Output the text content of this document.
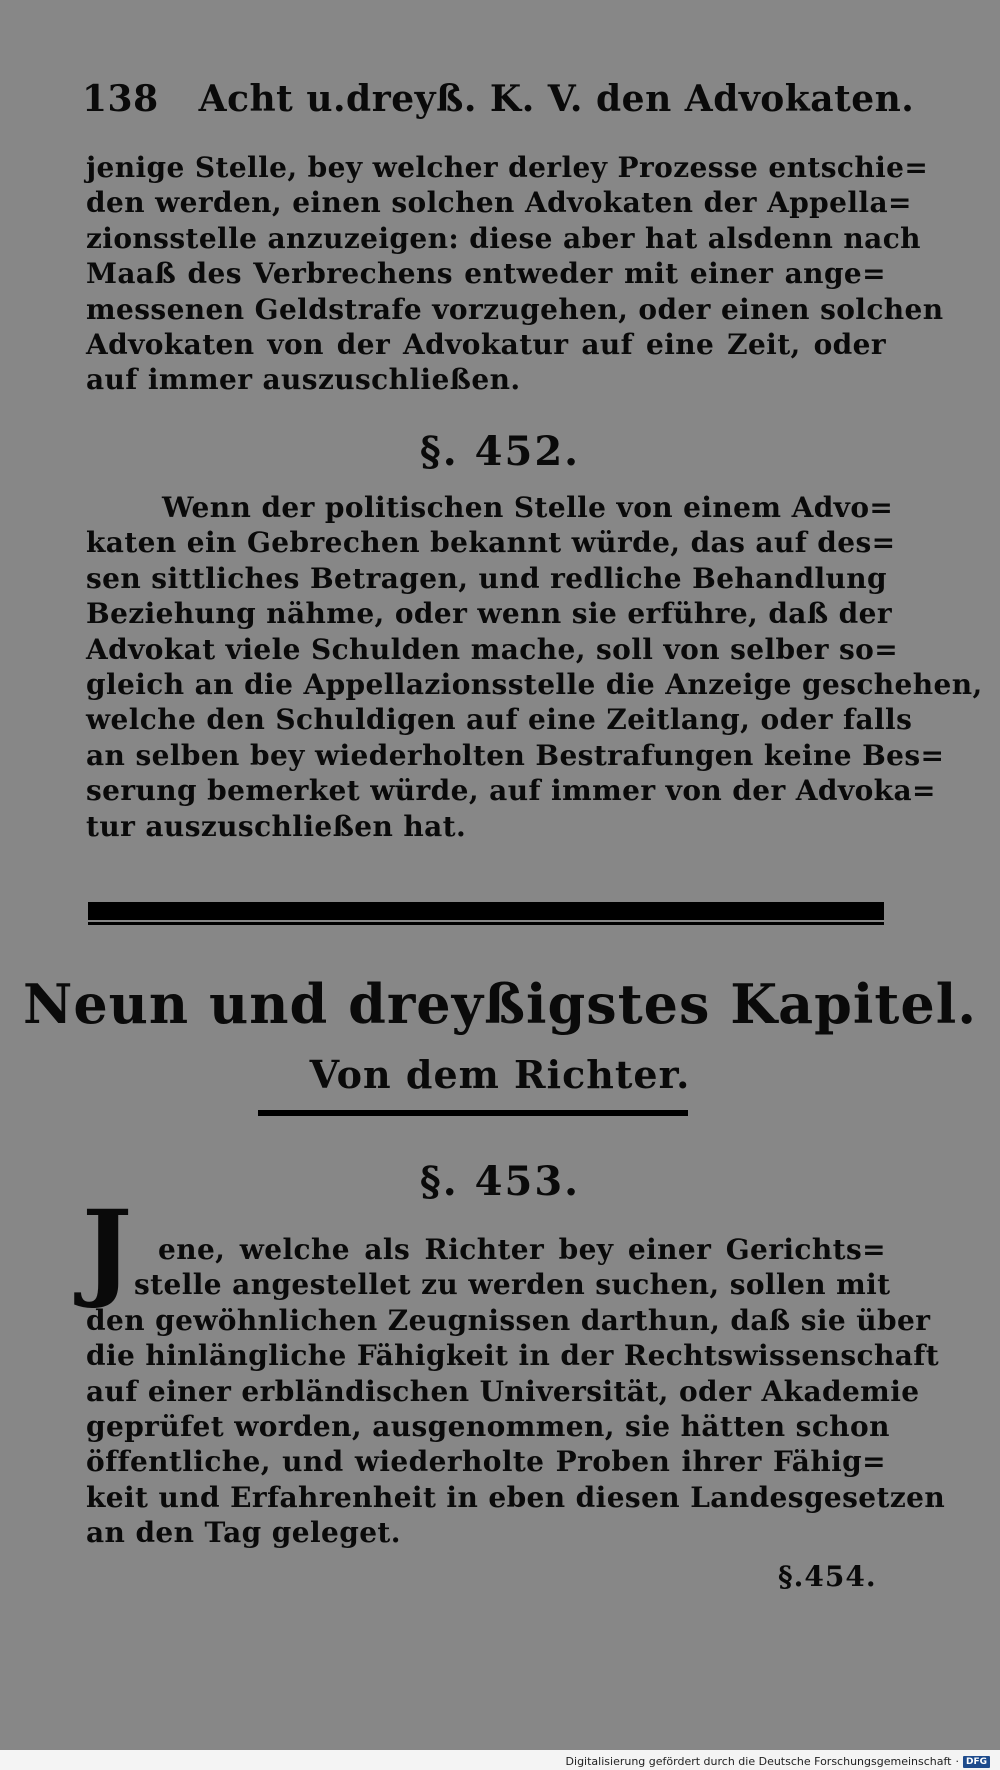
138 Acht u.dreyß. K. V. den Advokaten.
jenige Stelle, bey welcher derley Prozesse entschie=
den werden, einen solchen Advokaten der Appella=
zionsstelle anzuzeigen: diese aber hat alsdenn nach
Maaß des Verbrechens entweder mit einer ange=
messenen Geldstrafe vorzugehen, oder einen solchen
Advokaten von der Advokatur auf eine Zeit, oder
auf immer auszuschließen.
§. 452.
Wenn der politischen Stelle von einem Advo=
katen ein Gebrechen bekannt würde, das auf des=
sen sittliches Betragen, und redliche Behandlung
Beziehung nähme, oder wenn sie erführe, daß der
Advokat viele Schulden mache, soll von selber so=
gleich an die Appellazionsstelle die Anzeige geschehen,
welche den Schuldigen auf eine Zeitlang, oder falls
an selben bey wiederholten Bestrafungen keine Bes=
serung bemerket würde, auf immer von der Advoka=
tur auszuschließen hat.
Neun und dreyßigstes Kapitel.
Von dem Richter.
§. 453.
J ene, welche als Richter bey einer Gerichts=
stelle angestellet zu werden suchen, sollen mit
den gewöhnlichen Zeugnissen darthun, daß sie über
die hinlängliche Fähigkeit in der Rechtswissenschaft
auf einer erbländischen Universität, oder Akademie
geprüfet worden, ausgenommen, sie hätten schon
öffentliche, und wiederholte Proben ihrer Fähig=
keit und Erfahrenheit in eben diesen Landesgesetzen
an den Tag geleget.
§.454.
Digitalisierung gefördert durch die Deutsche Forschungsgemeinschaft · DFG
